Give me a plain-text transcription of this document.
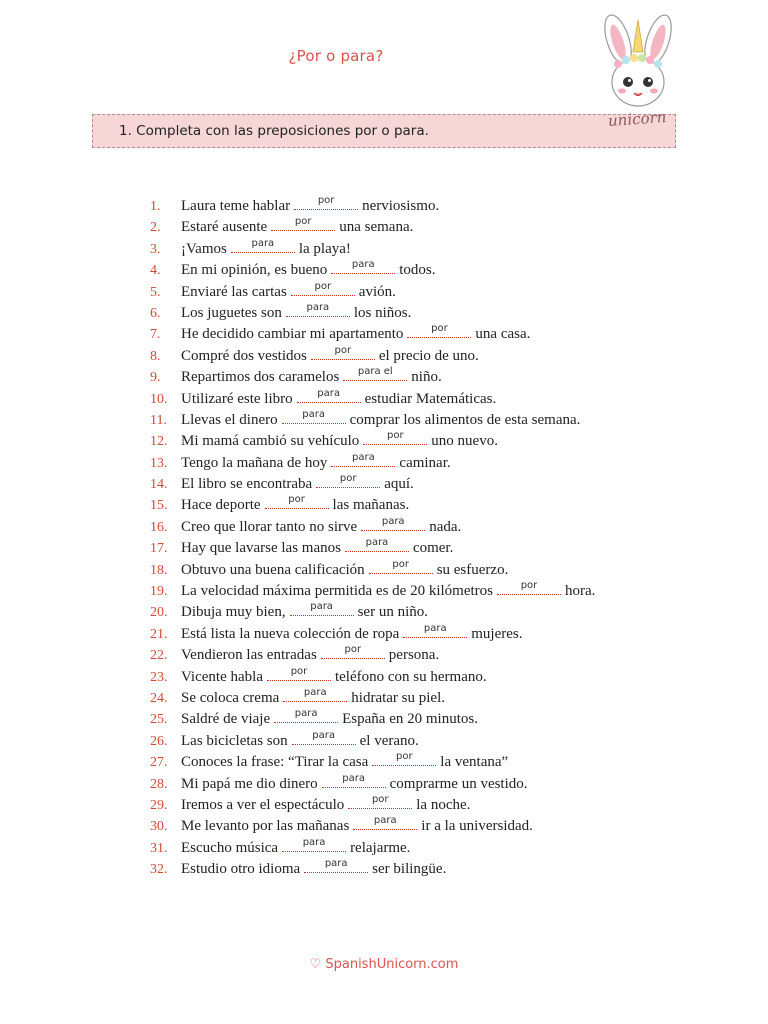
¿Por o para?
1. Completa con las preposiciones por o para.
unicorn
1.	Laura teme hablar	por nerviosismo.
2.	Estaré ausente	por una semana.
3.	¡Vamos para la playa!
4.	En mi opinión, es bueno para todos.
5.	Enviaré las cartas	por avión.
6.	Los juguetes son para los niños.
7.	He decidido cambiar mi apartamento	por una casa.
8.	Compré dos vestidos	por el precio de uno.
9.	Repartimos dos caramelos para el niño.
10. Utilizaré este libro para estudiar Matemáticas.
11. Llevas el dinero para comprar los alimentos de esta semana.
12. Mi mamá cambió su vehículo	por uno nuevo.
13. Tengo la mañana de hoy para caminar.
14. El libro se encontraba	por aquí.
15. Hace deporte	por las mañanas.
16. Creo que llorar tanto no sirve para nada.
17. Hay que lavarse las manos para comer.
18. Obtuvo una buena calificación	por su esfuerzo.
19. La velocidad máxima permitida es de 20 kilómetros	por hora.
20. Dibuja muy bien, para ser un niño.
21. Está lista la nueva colección de ropa para mujeres.
22. Vendieron las entradas	por persona.
23. Vicente habla	por teléfono con su hermano.
24. Se coloca crema para hidratar su piel.
25. Saldré de viaje para España en 20 minutos.
26. Las bicicletas son para el verano.
27. Conoces la frase: “Tirar la casa	por la ventana”
28. Mi papá me dio dinero para comprarme un vestido.
29. Iremos a ver el espectáculo	por la noche.
30. Me levanto por las mañanas para ir a la universidad.
31. Escucho música para relajarme.
32. Estudio otro idioma para ser bilingüe.
♡ SpanishUnicorn.com
